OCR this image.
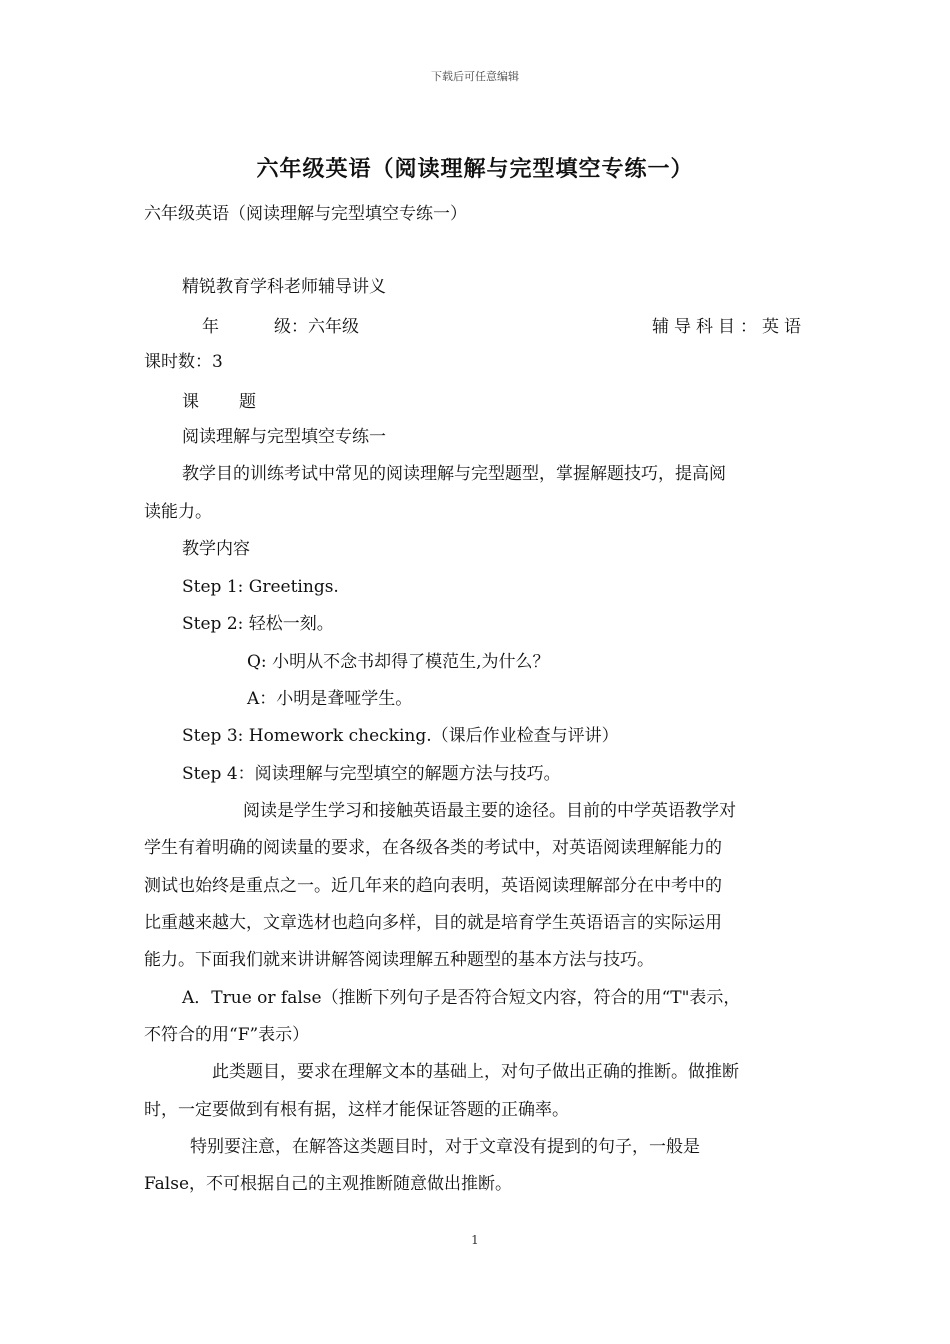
下载后可任意编辑
六年级英语（阅读理解与完型填空专练一）
六年级英语（阅读理解与完型填空专练一）
精锐教育学科老师辅导讲义
年	级：六年级	辅导科目：英语
课时数：3
课 题
阅读理解与完型填空专练一
教学目的训练考试中常见的阅读理解与完型题型，掌握解题技巧，提高阅
读能力。
教学内容
Step 1: Greetings.
Step 2: 轻松一刻。
Q: 小明从不念书却得了模范生,为什么？
A：小明是聋哑学生。
Step 3: Homework checking.（课后作业检查与评讲）
Step 4：阅读理解与完型填空的解题方法与技巧。
阅读是学生学习和接触英语最主要的途径。目前的中学英语教学对
学生有着明确的阅读量的要求，在各级各类的考试中，对英语阅读理解能力的
测试也始终是重点之一。近几年来的趋向表明，英语阅读理解部分在中考中的
比重越来越大，文章选材也趋向多样，目的就是培育学生英语语言的实际运用
能力。下面我们就来讲讲解答阅读理解五种题型的基本方法与技巧。
A．True or false（推断下列句子是否符合短文内容，符合的用“T"表示，
不符合的用“F”表示）
此类题目，要求在理解文本的基础上，对句子做出正确的推断。做推断
时，一定要做到有根有据，这样才能保证答题的正确率。
特别要注意，在解答这类题目时，对于文章没有提到的句子，一般是
False，不可根据自己的主观推断随意做出推断。
1
